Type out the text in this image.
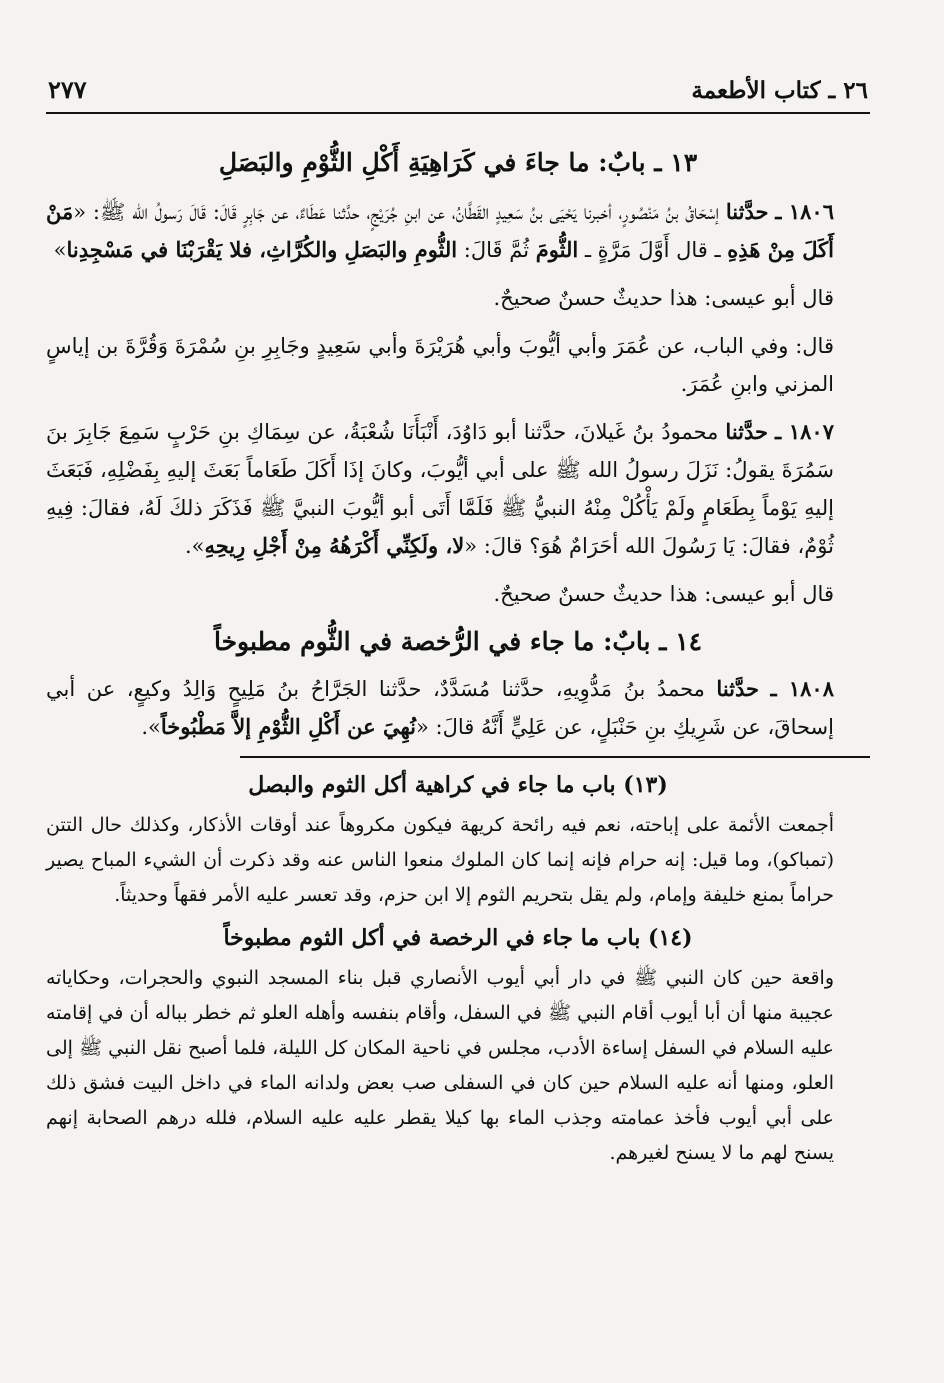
٢٦ ـ كتاب الأطعمة
٢٧٧
١٣ ـ بابٌ: ما جاءَ في كَرَاهِيَةِ أَكْلِ الثُّوْمِ والبَصَلِ

١٨٠٦ ـ حدَّثنا إسْحَاقُ بنُ مَنْصُورٍ، أخبرنا يَحْيَى بنُ سَعِيدٍ القَطَّانُ، عن ابنِ جُرَيْجٍ، حدَّثنا عَطَاءٌ، عن جَابِرٍ قَالَ: قَالَ رَسولُ الله ﷺ: «مَنْ أَكَلَ مِنْ هَذِهِ ـ قال أَوَّلَ مَرَّةٍ ـ الثُّومَ ثُمَّ قَالَ: الثُّومِ والبَصَلِ والكُرَّاثِ، فلا يَقْرَبْنَا في مَسْجِدِنا»

قال أبو عيسى: هذا حديثٌ حسنٌ صحيحٌ.

قال: وفي الباب، عن عُمَرَ وأبي أيُّوبَ وأبي هُرَيْرَةَ وأبي سَعِيدٍ وجَابِرِ بنِ سُمْرَةَ وَقُرَّةَ بن إياسٍ المزني وابنِ عُمَرَ.

١٨٠٧ ـ حدَّثنا محمودُ بنُ غَيلانَ، حدَّثنا أبو دَاوُدَ، أَنْبَأَنَا شُعْبَةُ، عن سِمَاكِ بنِ حَرْبٍ سَمِعَ جَابِرَ بنَ سَمُرَةَ يقولُ: نَزَلَ رسولُ الله ﷺ على أبي أيُّوبَ، وكانَ إذَا أَكَلَ طَعَاماً بَعَثَ إليهِ بِفَضْلِهِ، فَبَعَثَ إليهِ يَوْماً بِطَعَامٍ ولَمْ يَأْكُلْ مِنْهُ النبيُّ ﷺ فَلَمَّا أَتَى أبو أيُّوبَ النبيَّ ﷺ فَذَكَرَ ذلكَ لَهُ، فقالَ: فِيهِ ثُوْمٌ، فقالَ: يَا رَسُولَ الله أحَرَامٌ هُوَ؟ قالَ: «لا، ولَكِنِّي أَكْرَهُهُ مِنْ أَجْلِ رِيحِهِ».

قال أبو عيسى: هذا حديثٌ حسنٌ صحيحٌ.

١٤ ـ بابٌ: ما جاء في الرُّخصة في الثُّوم مطبوخاً

١٨٠٨ ـ حدَّثنا محمدُ بنُ مَدُّوِيهِ، حدَّثنا مُسَدَّدٌ، حدَّثنا الجَرَّاحُ بنُ مَلِيحٍ وَالِدُ وكيعٍ، عن أبي إسحاقَ، عن شَرِيكِ بنِ حَنْبَلٍ، عن عَلِيٍّ أَنَّهُ قالَ: «نُهِيَ عن أَكْلِ الثُّوْمِ إلاَّ مَطْبُوخاً».

(١٣) باب ما جاء في كراهية أكل الثوم والبصل

أجمعت الأئمة على إباحته، نعم فيه رائحة كريهة فيكون مكروهاً عند أوقات الأذكار، وكذلك حال التتن (تمباكو)، وما قيل: إنه حرام فإنه إنما كان الملوك منعوا الناس عنه وقد ذكرت أن الشيء المباح يصير حراماً بمنع خليفة وإمام، ولم يقل بتحريم الثوم إلا ابن حزم، وقد تعسر عليه الأمر فقهاً وحديثاً.

(١٤) باب ما جاء في الرخصة في أكل الثوم مطبوخاً

واقعة حين كان النبي ﷺ في دار أبي أيوب الأنصاري قبل بناء المسجد النبوي والحجرات، وحكاياته عجيبة منها أن أبا أيوب أقام النبي ﷺ في السفل، وأقام بنفسه وأهله العلو ثم خطر بباله أن في إقامته عليه السلام في السفل إساءة الأدب، مجلس في ناحية المكان كل الليلة، فلما أصبح نقل النبي ﷺ إلى العلو، ومنها أنه عليه السلام حين كان في السفلى صب بعض ولدانه الماء في داخل البيت فشق ذلك على أبي أيوب فأخذ عمامته وجذب الماء بها كيلا يقطر عليه عليه السلام، فلله درهم الصحابة إنهم يسنح لهم ما لا يسنح لغيرهم.
